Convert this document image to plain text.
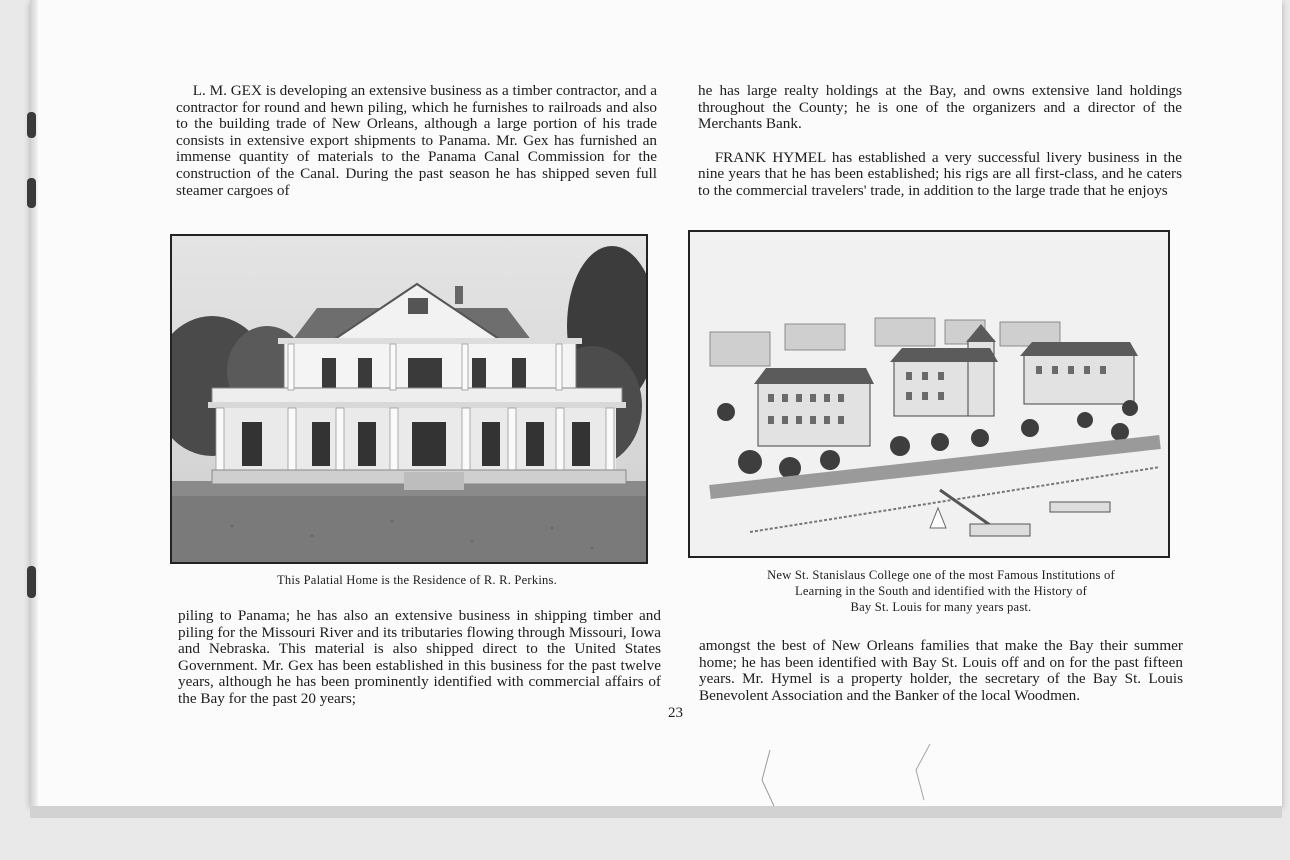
L. M. GEX is developing an extensive business as a timber contractor, and a contractor for round and hewn piling, which he furnishes to railroads and also to the building trade of New Orleans, although a large portion of his trade consists in extensive export shipments to Panama. Mr. Gex has furnished an immense quantity of materials to the Panama Canal Commission for the construction of the Canal. During the past season he has shipped seven full steamer cargoes of

This Palatial Home is the Residence of R. R. Perkins.

piling to Panama; he has also an extensive business in shipping timber and piling for the Missouri River and its tributaries flowing through Missouri, Iowa and Nebraska. This material is also shipped direct to the United States Government. Mr. Gex has been established in this business for the past twelve years, although he has been prominently identified with commercial affairs of the Bay for the past 20 years;

23

he has large realty holdings at the Bay, and owns extensive land holdings throughout the County; he is one of the organizers and a director of the Merchants Bank.

FRANK HYMEL has established a very successful livery business in the nine years that he has been established; his rigs are all first-class, and he caters to the commercial travelers' trade, in addition to the large trade that he enjoys

New St. Stanislaus College one of the most Famous Institutions of
Learning in the South and identified with the History of
Bay St. Louis for many years past.

amongst the best of New Orleans families that make the Bay their summer home; he has been identified with Bay St. Louis off and on for the past fifteen years. Mr. Hymel is a property holder, the secretary of the Bay St. Louis Benevolent Association and the Banker of the local Woodmen.
